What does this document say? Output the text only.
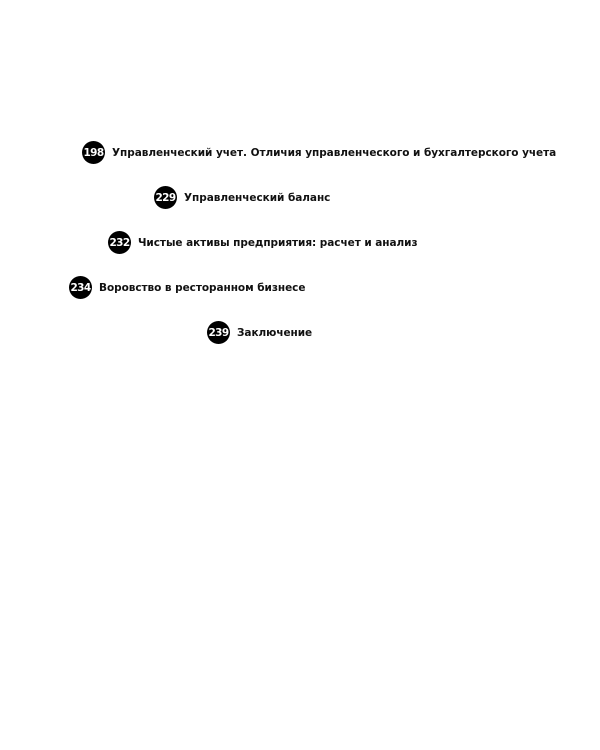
198 Управленческий учет. Отличия управленческого и бухгалтерского учета
229 Управленческий баланс
232 Чистые активы предприятия: расчет и анализ
234 Воровство в ресторанном бизнесе
239 Заключение
